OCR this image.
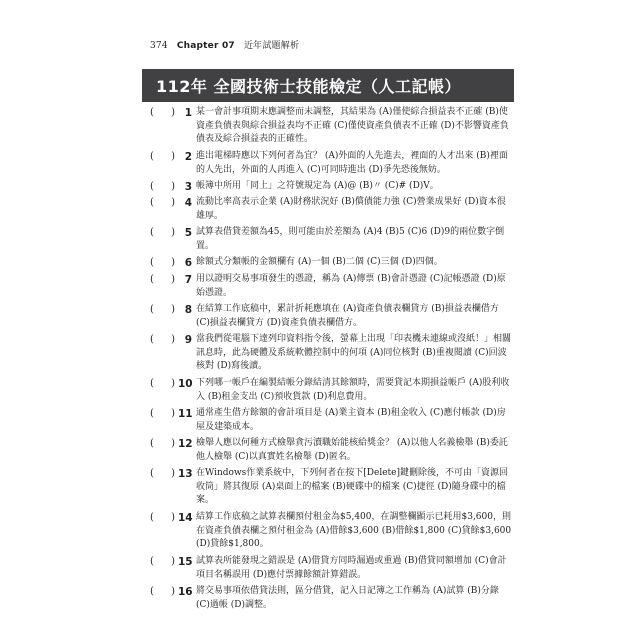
374 Chapter 07 近年試題解析
112年 全國技術士技能檢定（人工記帳）
( ) 1 某一會計事項期末應調整而未調整，其結果為 (A)僅使綜合損益表不正確 (B)使資產負債表與綜合損益表均不正確 (C)僅使資產負債表不正確 (D)不影響資產負債表及綜合損益表的正確性。
( ) 2 進出電梯時應以下列何者為宜？ (A)外面的人先進去，裡面的人才出來 (B)裡面的人先出，外面的人再進入 (C)可同時進出 (D)爭先恐後無妨。
( ) 3 帳簿中所用「同上」之符號規定為 (A)@ (B)〃 (C)# (D)V。
( ) 4 流動比率高表示企業 (A)財務狀況好 (B)償債能力強 (C)營業成果好 (D)資本很雄厚。
( ) 5 試算表借貸差額為45，則可能由於差額為 (A)4 (B)5 (C)6 (D)9的兩位數字倒置。
( ) 6 餘額式分類帳的金額欄有 (A)一個 (B)二個 (C)三個 (D)四個。
( ) 7 用以證明交易事項發生的憑證，稱為 (A)傳票 (B)會計憑證 (C)記帳憑證 (D)原始憑證。
( ) 8 在結算工作底稿中，累計折耗應填在 (A)資產負債表欄貸方 (B)損益表欄借方 (C)損益表欄貸方 (D)資產負債表欄借方。
( ) 9 當我們從電腦下達列印資料指令後，螢幕上出現「印表機未連線或沒紙！」相關訊息時，此為硬體及系統軟體控制中的何項 (A)同位核對 (B)重複閱讀 (C)回波核對 (D)寫後讀。
( ) 10 下列哪一帳戶在編製結帳分錄結清其餘額時，需要貸記本期損益帳戶 (A)股利收入 (B)租金支出 (C)預收貨款 (D)利息費用。
( ) 11 通常產生借方餘額的會計項目是 (A)業主資本 (B)租金收入 (C)應付帳款 (D)房屋及建築成本。
( ) 12 檢舉人應以何種方式檢舉貪污瀆職始能核給獎金？ (A)以他人名義檢舉 (B)委託他人檢舉 (C)以真實姓名檢舉 (D)匿名。
( ) 13 在Windows作業系統中，下列何者在按下[Delete]鍵刪除後，不可由「資源回收筒」將其復原 (A)桌面上的檔案 (B)硬碟中的檔案 (C)捷徑 (D)隨身碟中的檔案。
( ) 14 結算工作底稿之試算表欄預付租金為$5,400，在調整欄顯示已耗用$3,600，則在資產負債表欄之預付租金為 (A)借餘$3,600 (B)借餘$1,800 (C)貸餘$3,600 (D)貸餘$1,800。
( ) 15 試算表所能發現之錯誤是 (A)借貸方同時漏過或重過 (B)借貸同額增加 (C)會計項目名稱誤用 (D)應付票據餘額計算錯誤。
( ) 16 將交易事項依借貸法則，區分借貸，記入日記簿之工作稱為 (A)試算 (B)分錄 (C)過帳 (D)調整。
